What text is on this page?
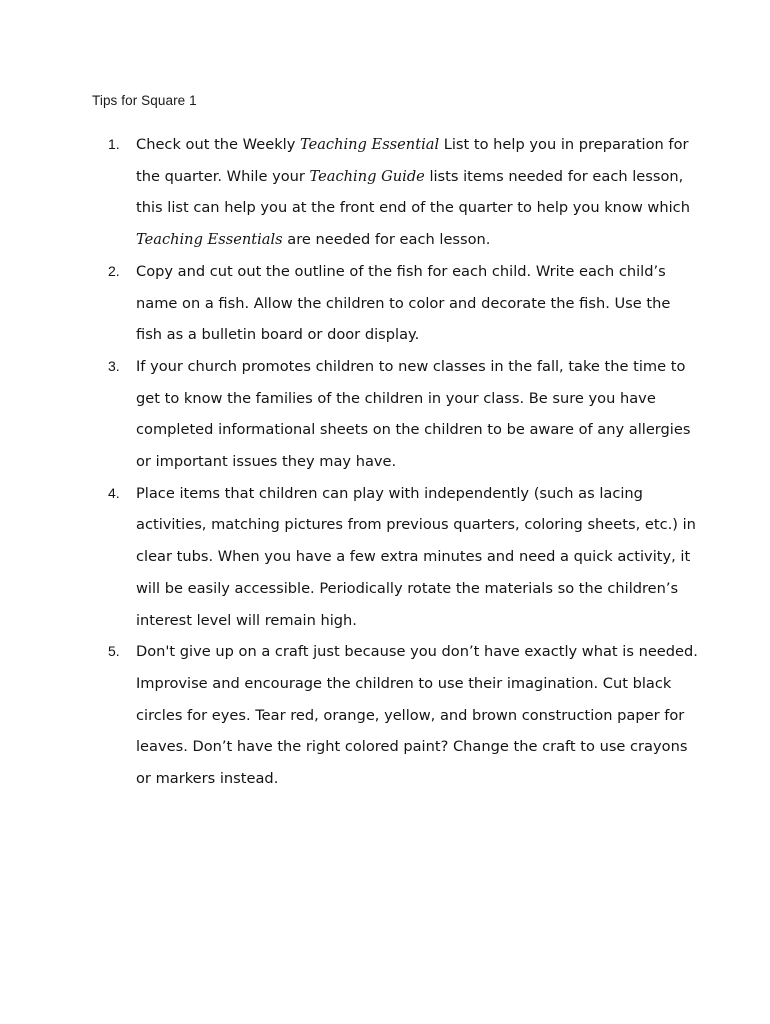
Tips for Square 1
1.	Check out the Weekly Teaching Essential List to help you in preparation for the quarter. While your Teaching Guide lists items needed for each lesson, this list can help you at the front end of the quarter to help you know which Teaching Essentials are needed for each lesson.
2.	Copy and cut out the outline of the fish for each child. Write each child’s name on a fish. Allow the children to color and decorate the fish. Use the fish as a bulletin board or door display.
3.	If your church promotes children to new classes in the fall, take the time to get to know the families of the children in your class. Be sure you have completed informational sheets on the children to be aware of any allergies or important issues they may have.
4.	Place items that children can play with independently (such as lacing activities, matching pictures from previous quarters, coloring sheets, etc.) in clear tubs. When you have a few extra minutes and need a quick activity, it will be easily accessible. Periodically rotate the materials so the children’s interest level will remain high.
5.	Don't give up on a craft just because you don’t have exactly what is needed. Improvise and encourage the children to use their imagination. Cut black circles for eyes. Tear red, orange, yellow, and brown construction paper for leaves. Don’t have the right colored paint? Change the craft to use crayons or markers instead.
